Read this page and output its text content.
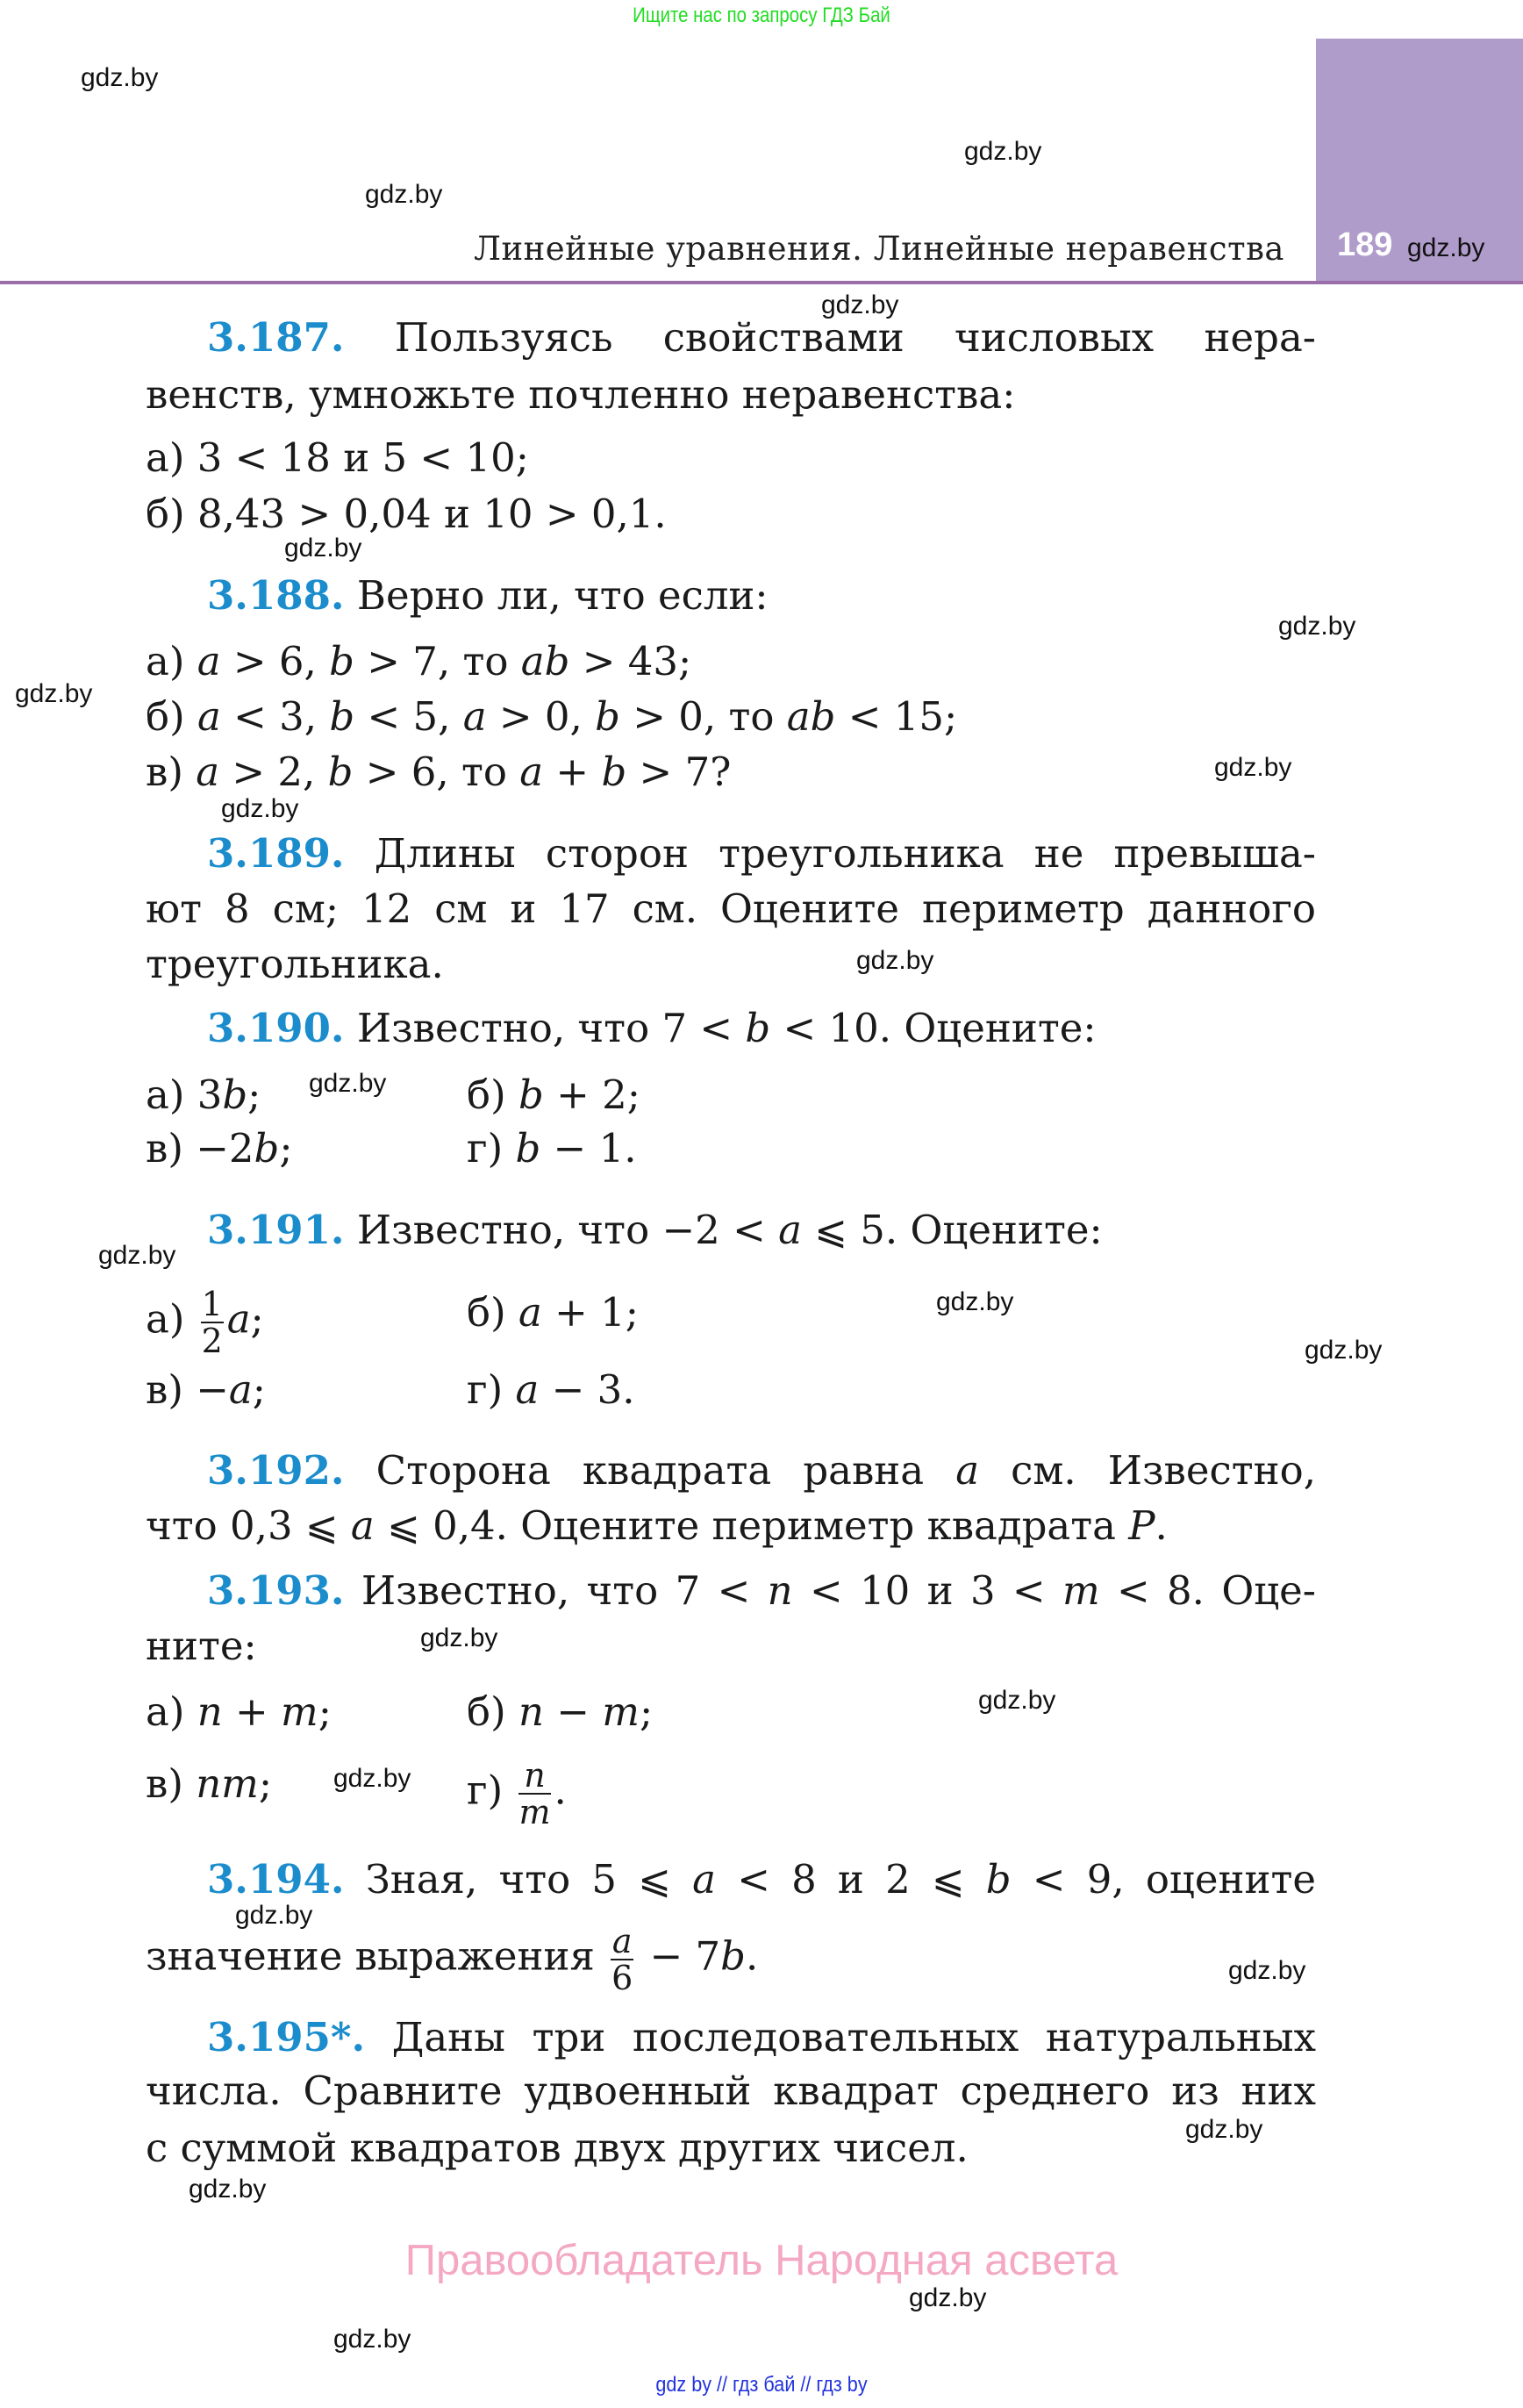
Ищите нас по запросу ГДЗ Бай
189
Линейные уравнения. Линейные неравенства
3.187. Пользуясь свойствами числовых нера-
венств, умножьте почленно неравенства:
а) 3 < 18 и 5 < 10;
б) 8,43 > 0,04 и 10 > 0,1.
3.188. Верно ли, что если:
а) a > 6, b > 7, то ab > 43;
б) a < 3, b < 5, a > 0, b > 0, то ab < 15;
в) a > 2, b > 6, то a + b > 7?
3.189. Длины сторон треугольника не превыша-
ют 8 см; 12 см и 17 см. Оцените периметр данного
треугольника.
3.190. Известно, что 7 < b < 10. Оцените:
а) 3b;	б) b + 2;
в) −2b;	г) b − 1.
3.191. Известно, что −2 < a ⩽ 5. Оцените:
$а) \frac{1}{2} a$;	б) a + 1;
в) −a;	г) a − 3.
3.192. Сторона квадрата равна a см. Известно,
что 0,3 ⩽ a ⩽ 0,4. Оцените периметр квадрата P.
3.193. Известно, что 7 < n < 10 и 3 < m < 8. Оце-
ните:
а) n + m;	б) n − m;
в) nm;	$г) \frac{n}{m}$ .
3.194. Зная, что 5 ⩽ a < 8 и 2 ⩽ b < 9, оцените
значение выражения $\frac{a}{6} - 7b$.
3.195*. Даны три последовательных натуральных
числа. Сравните удвоенный квадрат среднего из них
с суммой квадратов двух других чисел.
Правообладатель Народная асвета
gdz by // гдз бай // гдз by
gdz.by
gdz.by
gdz.by
gdz.by
gdz.by
gdz.by
gdz.by
gdz.by
gdz.by
gdz.by
gdz.by
gdz.by
gdz.by
gdz.by
gdz.by
gdz.by
gdz.by
gdz.by
gdz.by
gdz.by
gdz.by
gdz.by
gdz.by
gdz.by
